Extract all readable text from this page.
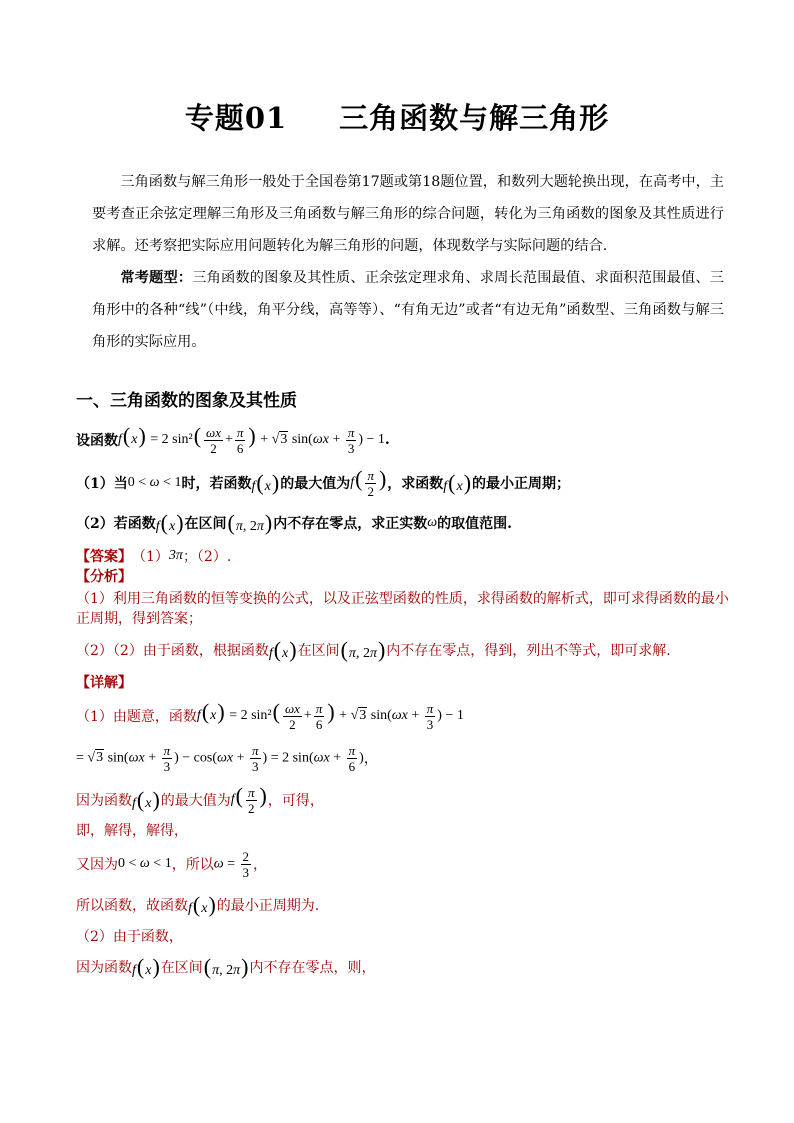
专题01 三角函数与解三角形
三角函数与解三角形一般处于全国卷第17题或第18题位置，和数列大题轮换出现，在高考中，主要考查正余弦定理解三角形及三角函数与解三角形的综合问题，转化为三角函数的图象及其性质进行求解。还考察把实际应用问题转化为解三角形的问题，体现数学与实际问题的结合.
常考题型：三角函数的图象及其性质、正余弦定理求角、求周长范围最值、求面积范围最值、三角形中的各种“线”（中线，角平分线，高等等）、“有角无边”或者“有边无角”函数型、三角函数与解三角形的实际应用。
一、三角函数的图象及其性质
设函数 f(x) = 2 $\sin^2( \frac{\omega x}{2} + \frac{\pi}{6}$ ) + √3 $\sin(\omega x + \frac{\pi}{3}$ ) − 1 .
（1）当 0 < ω < 1 时，若函数 f(x) 的最大值为 $f( \frac{\pi}{2}$ ) ，求函数 f(x) 的最小正周期；
（2）若函数 f(x) 在区间 (π, 2π) 内不存在零点，求正实数 ω 的取值范围.
【答案】 （1） 3π ；（2）.
【分析】
（1）利用三角函数的恒等变换的公式，以及正弦型函数的性质，求得函数的解析式，即可求得函数的最小
正周期，得到答案；
（2）（2）由于函数，根据函数 f(x) 在区间 (π, 2π) 内不存在零点，得到，列出不等式，即可求解.
【详解】
（1）由题意，函数 f(x) = 2 $\sin^2( \frac{\omega x}{2} + \frac{\pi}{6}$ ) + √3 $\sin(\omega x + \frac{\pi}{3}$ ) − 1
= √3 $\sin(\omega x + \frac{\pi}{3}$ ) − $\cos(\omega x + \frac{\pi}{3}$ ) = 2 $\sin(\omega x + \frac{\pi}{6}$ ) ，
因为函数 f(x) 的最大值为 $f( \frac{\pi}{2}$ ) ，可得，
即，解得，解得，
又因为 0 < ω < 1 ，所以 $\omega = \frac{2}{3}$ ，
所以函数，故函数 f(x) 的最小正周期为.
（2）由于函数，
因为函数 f(x) 在区间 (π, 2π) 内不存在零点，则，
